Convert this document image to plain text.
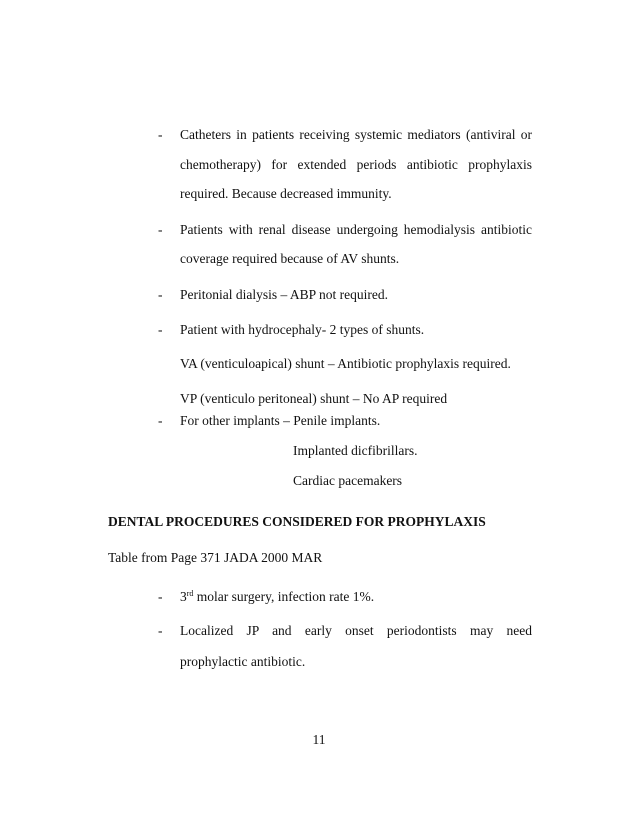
- Catheters in patients receiving systemic mediators (antiviral or
chemotherapy) for extended periods antibiotic prophylaxis
required. Because decreased immunity.
- Patients with renal disease undergoing hemodialysis antibiotic
coverage required because of AV shunts.
- Peritonial dialysis – ABP not required.
- Patient with hydrocephaly- 2 types of shunts.
VA (venticuloapical) shunt – Antibiotic prophylaxis required.
VP (venticulo peritoneal) shunt – No AP required
- For other implants – Penile implants.
Implanted dicfibrillars.
Cardiac pacemakers
DENTAL PROCEDURES CONSIDERED FOR PROPHYLAXIS
Table from Page 371 JADA 2000 MAR
- 3rd molar surgery, infection rate 1%.
- Localized JP and early onset periodontists may need
prophylactic antibiotic.
11
